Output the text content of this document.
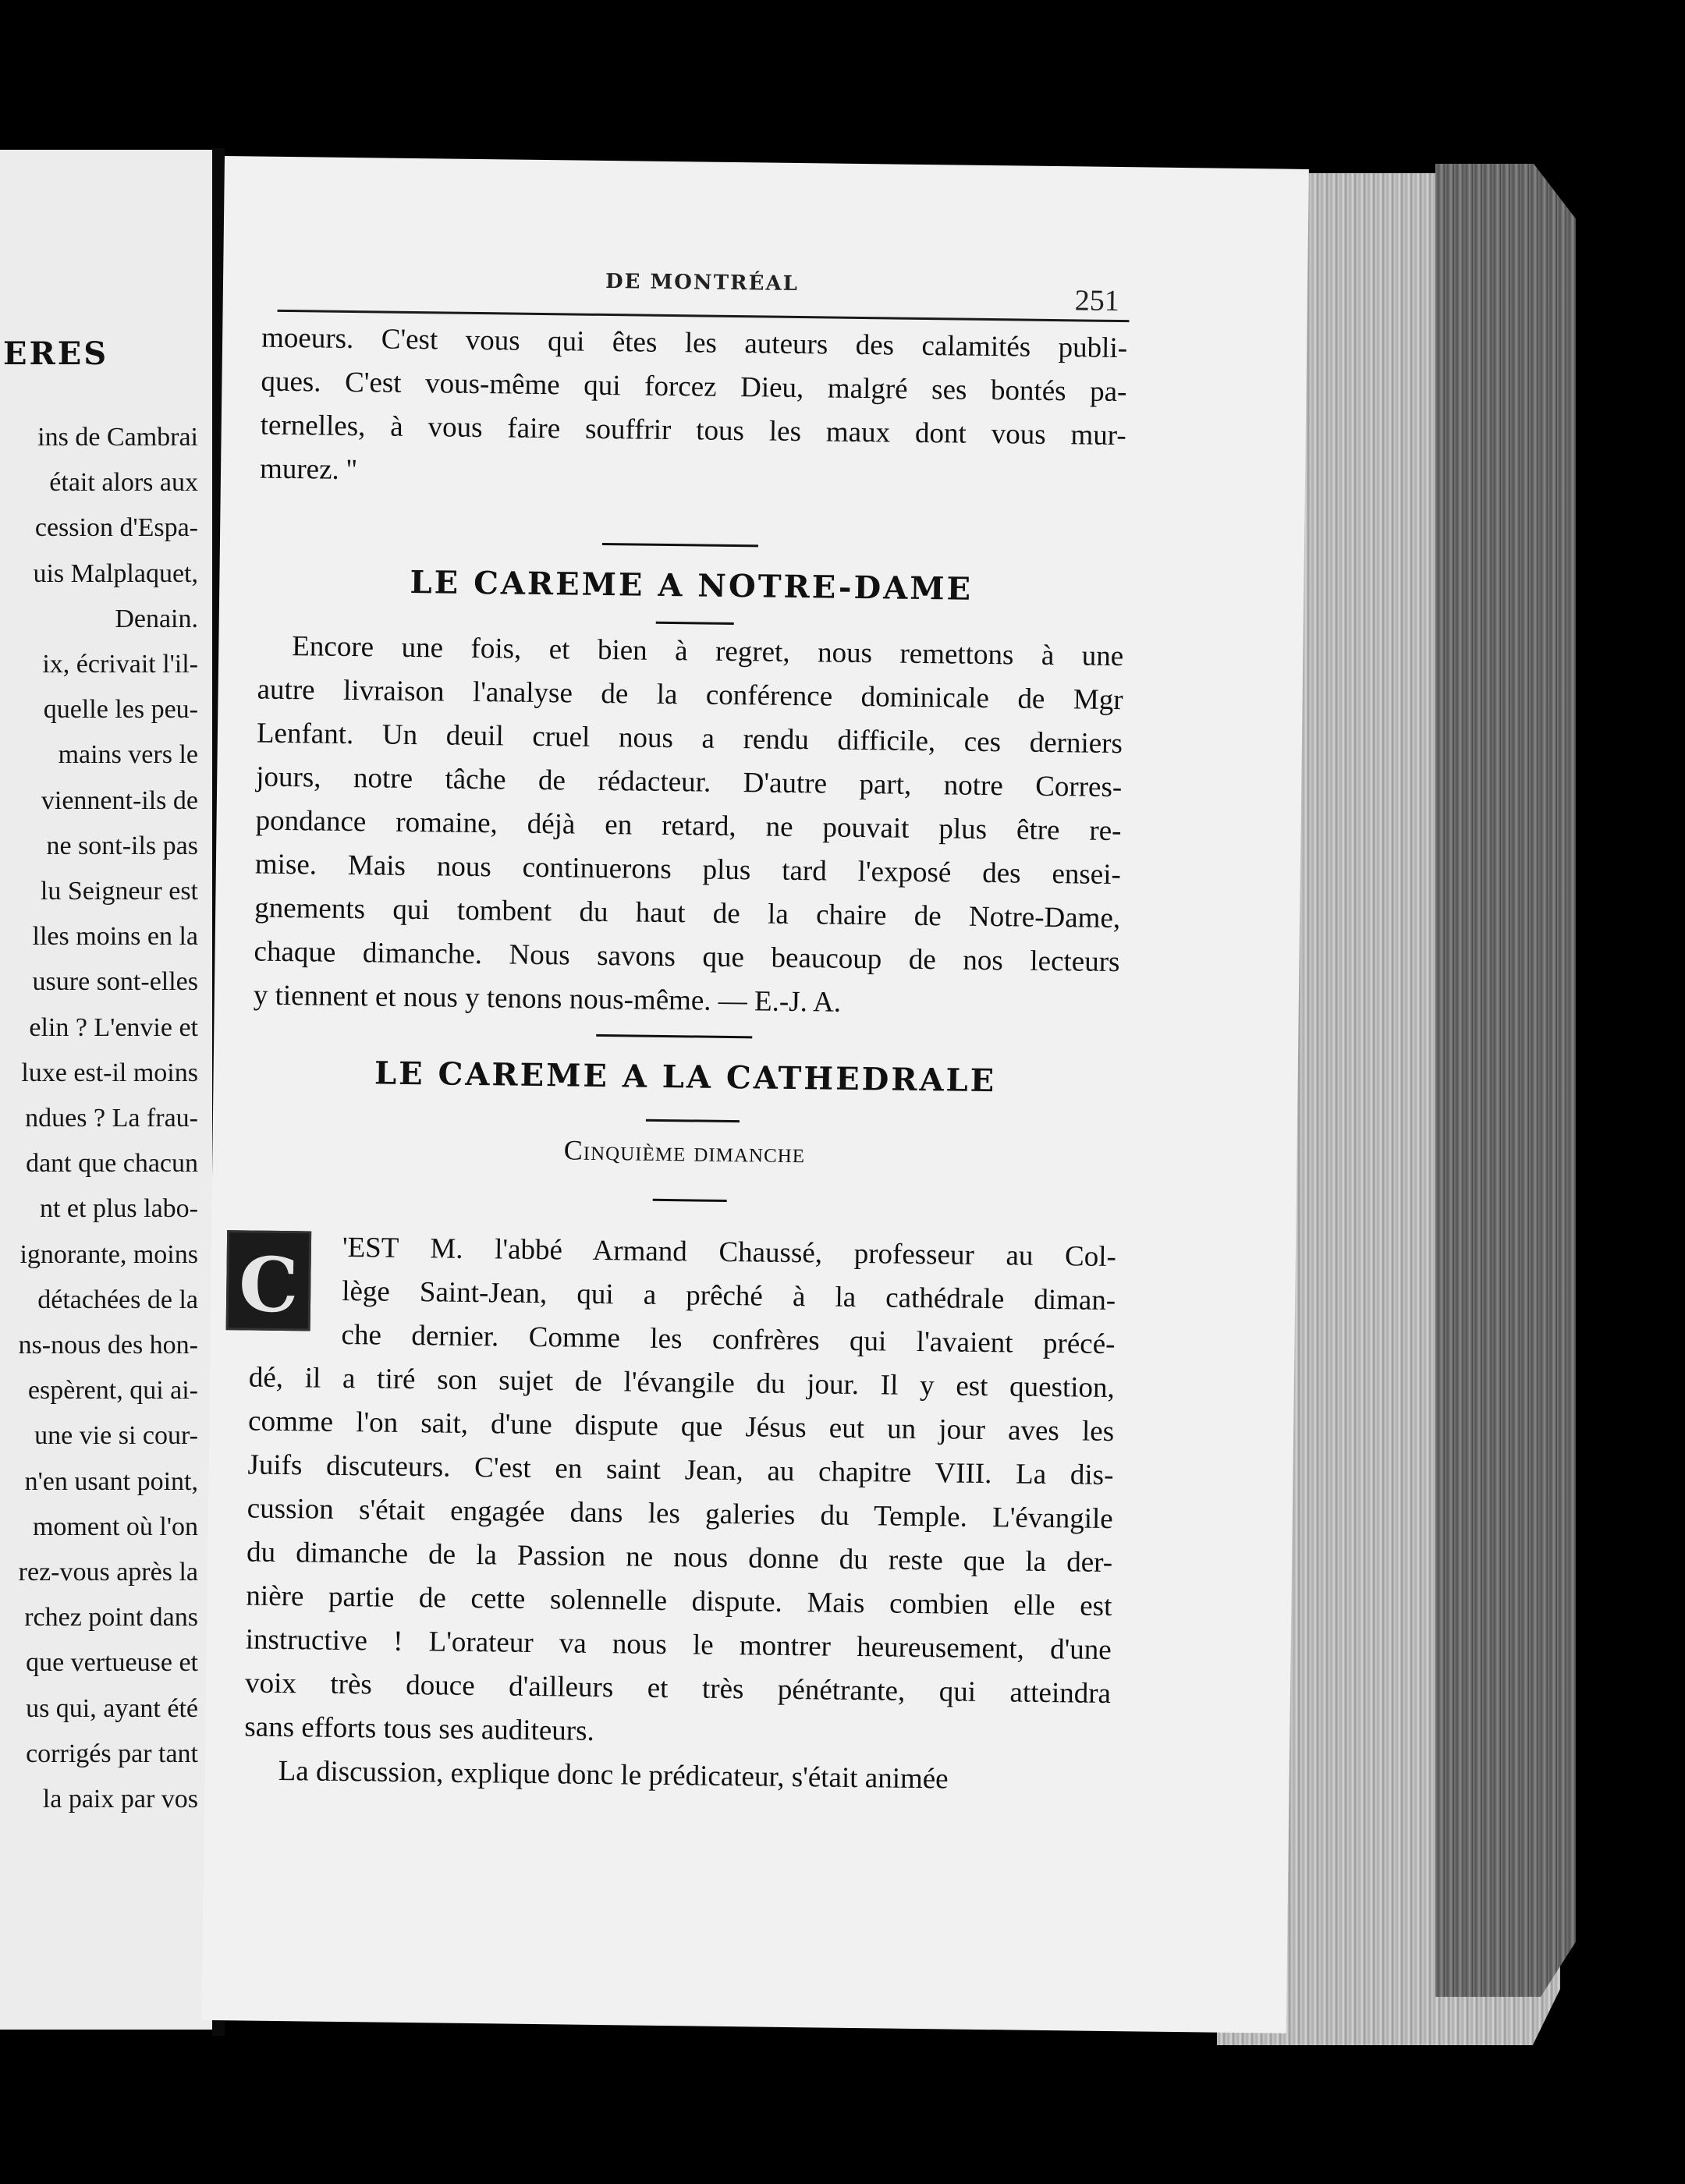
ERES
ins de Cambrai
était alors aux
cession d'Espa-
uis Malplaquet,
Denain.
ix, écrivait l'il-
quelle les peu-
mains vers le
viennent-ils de
ne sont-ils pas
lu Seigneur est
lles moins en la
usure sont-elles
elin ? L'envie et
luxe est-il moins
ndues ? La frau-
dant que chacun
nt et plus labo-
ignorante, moins
détachées de la
ns-nous des hon-
espèrent, qui ai-
une vie si cour-
n'en usant point,
moment où l'on
rez-vous après la
rchez point dans
que vertueuse et
us qui, ayant été
corrigés par tant
la paix par vos
DE MONTRÉAL
251
moeurs. C'est vous qui êtes les auteurs des calamités publi-
ques. C'est vous-même qui forcez Dieu, malgré ses bontés pa-
ternelles, à vous faire souffrir tous les maux dont vous mur-
murez. ''
LE CAREME A NOTRE-DAME
Encore une fois, et bien à regret, nous remettons à une
autre livraison l'analyse de la conférence dominicale de Mgr
Lenfant. Un deuil cruel nous a rendu difficile, ces derniers
jours, notre tâche de rédacteur. D'autre part, notre Corres-
pondance romaine, déjà en retard, ne pouvait plus être re-
mise. Mais nous continuerons plus tard l'exposé des ensei-
gnements qui tombent du haut de la chaire de Notre-Dame,
chaque dimanche. Nous savons que beaucoup de nos lecteurs
y tiennent et nous y tenons nous-même. — E.-J. A.
LE CAREME A LA CATHEDRALE
Cinquième dimanche
C	'EST M. l'abbé Armand Chaussé, professeur au Col-
lège Saint-Jean, qui a prêché à la cathédrale diman-
che dernier. Comme les confrères qui l'avaient précé-
dé, il a tiré son sujet de l'évangile du jour. Il y est question,
comme l'on sait, d'une dispute que Jésus eut un jour aves les
Juifs discuteurs. C'est en saint Jean, au chapitre VIII. La dis-
cussion s'était engagée dans les galeries du Temple. L'évangile
du dimanche de la Passion ne nous donne du reste que la der-
nière partie de cette solennelle dispute. Mais combien elle est
instructive ! L'orateur va nous le montrer heureusement, d'une
voix très douce d'ailleurs et très pénétrante, qui atteindra
sans efforts tous ses auditeurs.
La discussion, explique donc le prédicateur, s'était animée
